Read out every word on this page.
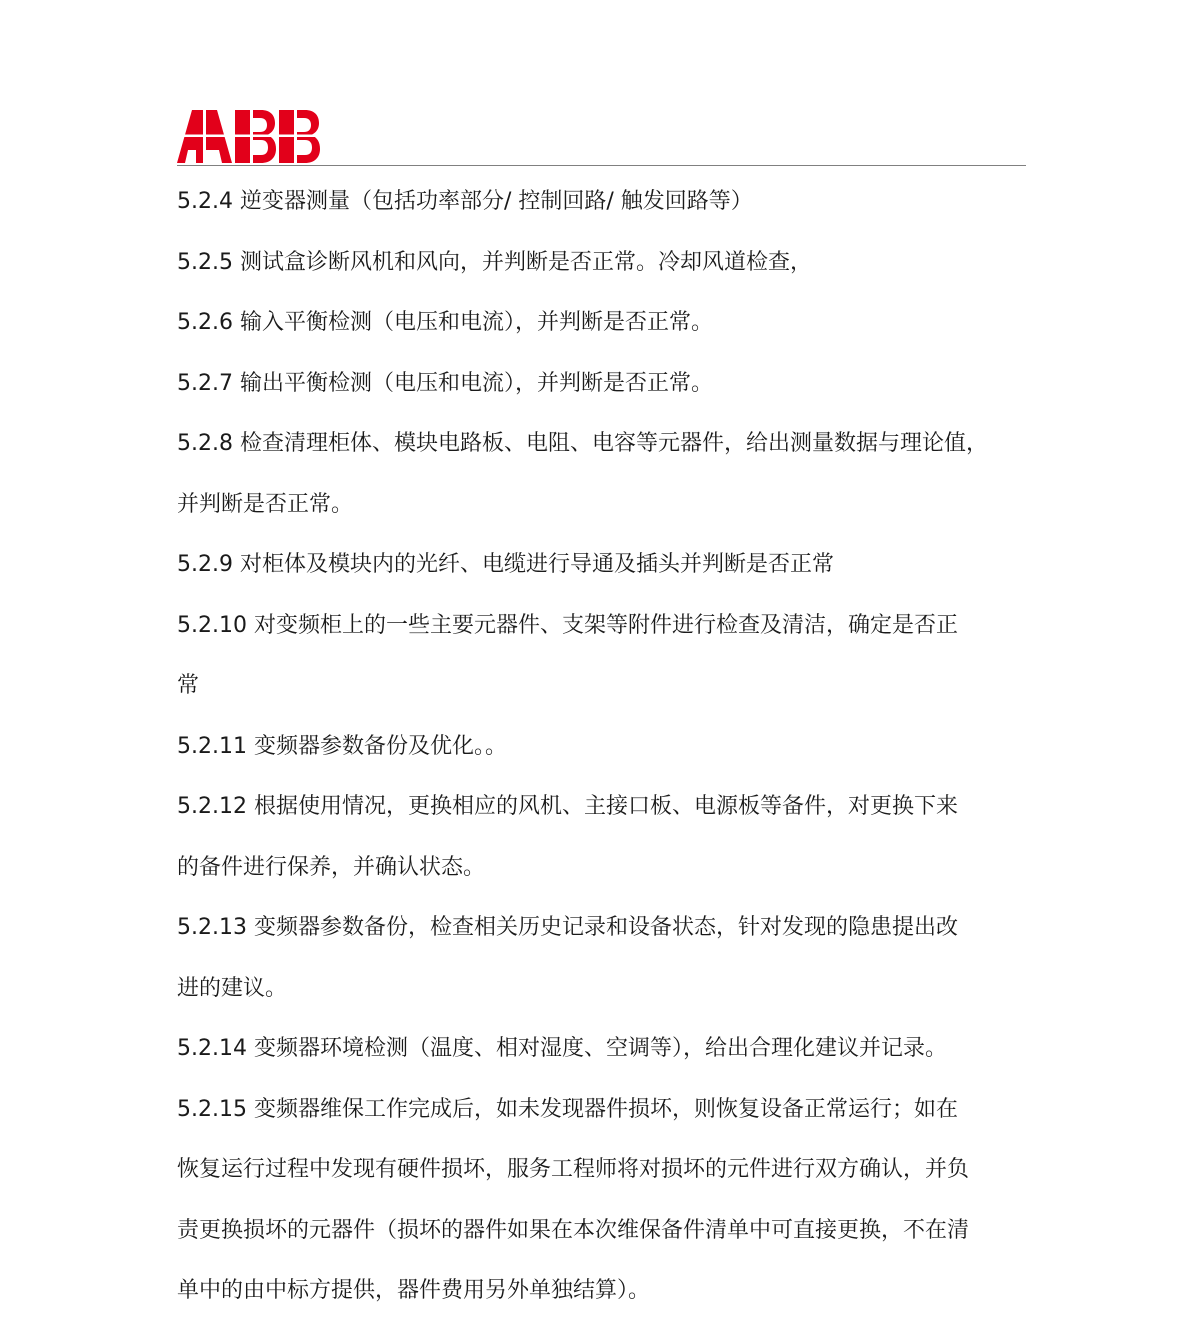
5.2.4 逆变器测量（包括功率部分/ 控制回路/ 触发回路等）
5.2.5 测试盒诊断风机和风向，并判断是否正常。冷却风道检查，
5.2.6 输入平衡检测（电压和电流），并判断是否正常。
5.2.7 输出平衡检测（电压和电流），并判断是否正常。
5.2.8 检查清理柜体、模块电路板、电阻、电容等元器件，给出测量数据与理论值，
并判断是否正常。
5.2.9 对柜体及模块内的光纤、电缆进行导通及插头并判断是否正常
5.2.10 对变频柜上的一些主要元器件、支架等附件进行检查及清洁，确定是否正
常
5.2.11 变频器参数备份及优化。。
5.2.12 根据使用情况，更换相应的风机、主接口板、电源板等备件，对更换下来
的备件进行保养，并确认状态。
5.2.13 变频器参数备份，检查相关历史记录和设备状态，针对发现的隐患提出改
进的建议。
5.2.14 变频器环境检测（温度、相对湿度、空调等），给出合理化建议并记录。
5.2.15 变频器维保工作完成后，如未发现器件损坏，则恢复设备正常运行；如在
恢复运行过程中发现有硬件损坏，服务工程师将对损坏的元件进行双方确认，并负
责更换损坏的元器件（损坏的器件如果在本次维保备件清单中可直接更换，不在清
单中的由中标方提供，器件费用另外单独结算）。
